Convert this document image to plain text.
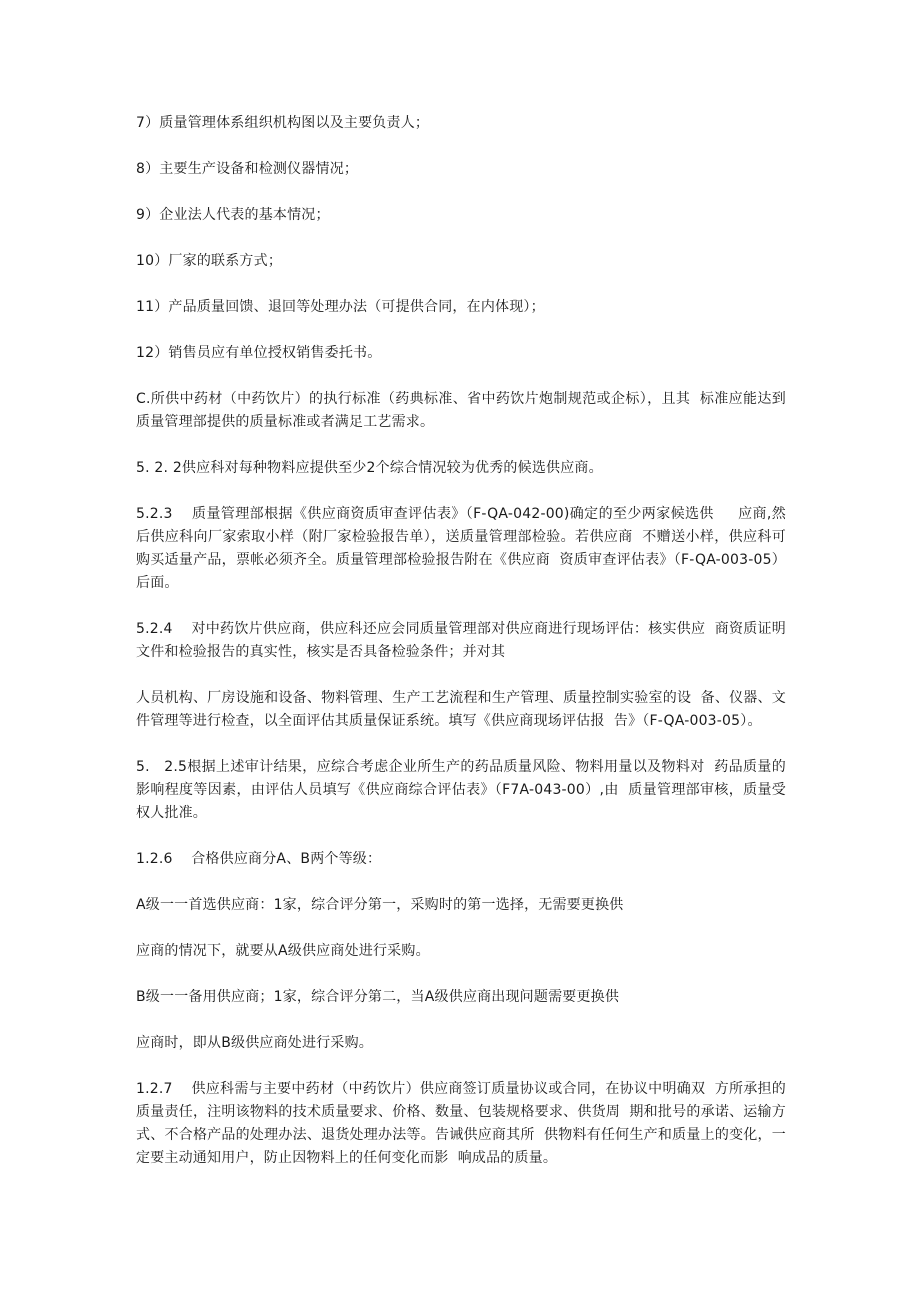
7）质量管理体系组织机构图以及主要负责人；

8）主要生产设备和检测仪器情况；

9）企业法人代表的基本情况；

10）厂家的联系方式；

11）产品质量回馈、退回等处理办法（可提供合同，在内体现）；

12）销售员应有单位授权销售委托书。

C.所供中药材（中药饮片）的执行标准（药典标准、省中药饮片炮制规范或企标），且其  标准应能达到质量管理部提供的质量标准或者满足工艺需求。

5. 2. 2供应科对每种物料应提供至少2个综合情况较为优秀的候选供应商。

5.2.3    质量管理部根据《供应商资质审查评估表》（F-QA-042-00)确定的至少两家候选供     应商,然后供应科向厂家索取小样（附厂家检验报告单），送质量管理部检验。若供应商  不赠送小样，供应科可购买适量产品，票帐必须齐全。质量管理部检验报告附在《供应商  资质审查评估表》（F-QA-003-05）后面。

5.2.4    对中药饮片供应商，供应科还应会同质量管理部对供应商进行现场评估：核实供应  商资质证明文件和检验报告的真实性，核实是否具备检验条件；并对其

人员机构、厂房设施和设备、物料管理、生产工艺流程和生产管理、质量控制实验室的设  备、仪器、文件管理等进行检查，以全面评估其质量保证系统。填写《供应商现场评估报  告》（F-QA-003-05）。

5.   2.5根据上述审计结果，应综合考虑企业所生产的药品质量风险、物料用量以及物料对  药品质量的影响程度等因素，由评估人员填写《供应商综合评估表》（F7A-043-00）,由  质量管理部审核，质量受权人批准。

1.2.6    合格供应商分A、B两个等级：

A级一一首选供应商：1家，综合评分第一，采购时的第一选择，无需要更换供

应商的情况下，就要从A级供应商处进行采购。

B级一一备用供应商；1家，综合评分第二，当A级供应商出现问题需要更换供

应商时，即从B级供应商处进行采购。

1.2.7    供应科需与主要中药材（中药饮片）供应商签订质量协议或合同，在协议中明确双  方所承担的质量责任，注明该物料的技术质量要求、价格、数量、包装规格要求、供货周  期和批号的承诺、运输方式、不合格产品的处理办法、退货处理办法等。告诫供应商其所  供物料有任何生产和质量上的变化，一定要主动通知用户，防止因物料上的任何变化而影  响成品的质量。
